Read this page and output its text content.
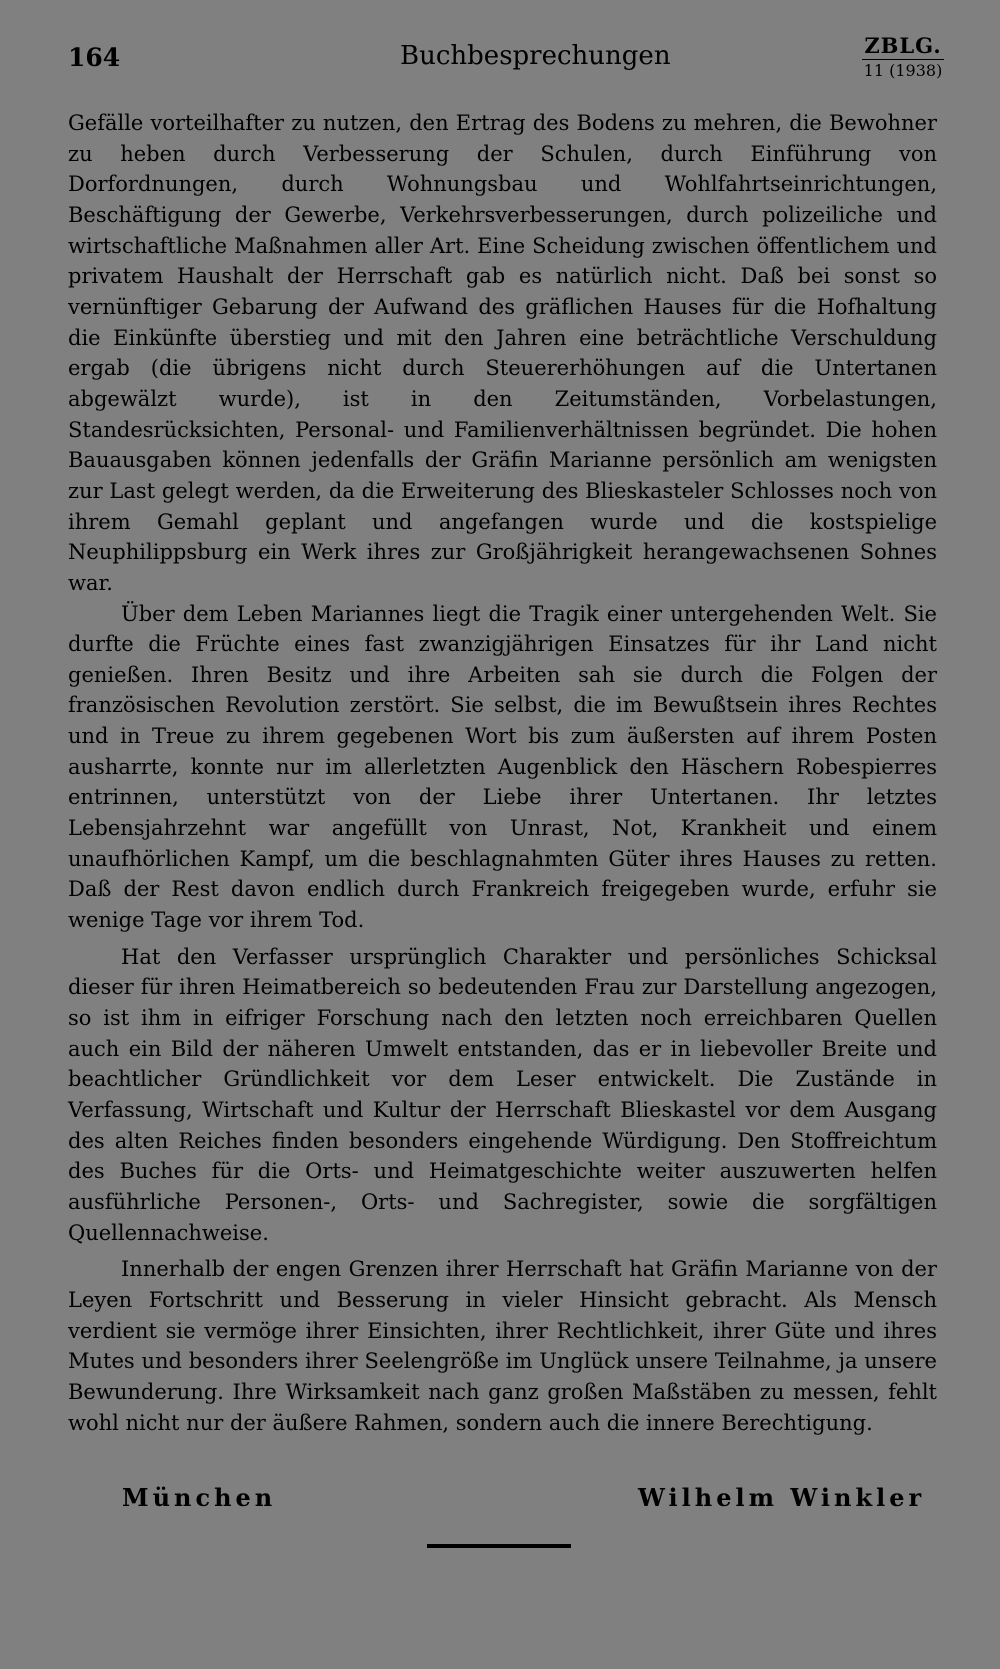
164	Buchbesprechungen	ZBLG.
11 (1938)

Gefälle vorteilhafter zu nutzen, den Ertrag des Bodens zu mehren, die Bewohner zu heben durch Verbesserung der Schulen, durch Einführung von Dorfordnungen, durch Wohnungsbau und Wohlfahrtseinrichtungen, Beschäftigung der Gewerbe, Verkehrsverbesserungen, durch polizeiliche und wirtschaftliche Maßnahmen aller Art. Eine Scheidung zwischen öffentlichem und privatem Haushalt der Herrschaft gab es natürlich nicht. Daß bei sonst so vernünftiger Gebarung der Aufwand des gräflichen Hauses für die Hofhaltung die Einkünfte überstieg und mit den Jahren eine beträchtliche Verschuldung ergab (die übrigens nicht durch Steuererhöhungen auf die Untertanen abgewälzt wurde), ist in den Zeitumständen, Vorbelastungen, Standesrücksichten, Personal- und Familienverhältnissen begründet. Die hohen Bauausgaben können jedenfalls der Gräfin Marianne persönlich am wenigsten zur Last gelegt werden, da die Erweiterung des Blieskasteler Schlosses noch von ihrem Gemahl geplant und angefangen wurde und die kostspielige Neuphilippsburg ein Werk ihres zur Großjährigkeit herangewachsenen Sohnes war.

Über dem Leben Mariannes liegt die Tragik einer untergehenden Welt. Sie durfte die Früchte eines fast zwanzigjährigen Einsatzes für ihr Land nicht genießen. Ihren Besitz und ihre Arbeiten sah sie durch die Folgen der französischen Revolution zerstört. Sie selbst, die im Bewußtsein ihres Rechtes und in Treue zu ihrem gegebenen Wort bis zum äußersten auf ihrem Posten ausharrte, konnte nur im allerletzten Augenblick den Häschern Robespierres entrinnen, unterstützt von der Liebe ihrer Untertanen. Ihr letztes Lebensjahrzehnt war angefüllt von Unrast, Not, Krankheit und einem unaufhörlichen Kampf, um die beschlagnahmten Güter ihres Hauses zu retten. Daß der Rest davon endlich durch Frankreich freigegeben wurde, erfuhr sie wenige Tage vor ihrem Tod.

Hat den Verfasser ursprünglich Charakter und persönliches Schicksal dieser für ihren Heimatbereich so bedeutenden Frau zur Darstellung angezogen, so ist ihm in eifriger Forschung nach den letzten noch erreichbaren Quellen auch ein Bild der näheren Umwelt entstanden, das er in liebevoller Breite und beachtlicher Gründlichkeit vor dem Leser entwickelt. Die Zustände in Verfassung, Wirtschaft und Kultur der Herrschaft Blieskastel vor dem Ausgang des alten Reiches finden besonders eingehende Würdigung. Den Stoffreichtum des Buches für die Orts- und Heimatgeschichte weiter auszuwerten helfen ausführliche Personen-, Orts- und Sachregister, sowie die sorgfältigen Quellennachweise.

Innerhalb der engen Grenzen ihrer Herrschaft hat Gräfin Marianne von der Leyen Fortschritt und Besserung in vieler Hinsicht gebracht. Als Mensch verdient sie vermöge ihrer Einsichten, ihrer Rechtlichkeit, ihrer Güte und ihres Mutes und besonders ihrer Seelengröße im Unglück unsere Teilnahme, ja unsere Bewunderung. Ihre Wirksamkeit nach ganz großen Maßstäben zu messen, fehlt wohl nicht nur der äußere Rahmen, sondern auch die innere Berechtigung.

München	Wilhelm Winkler
